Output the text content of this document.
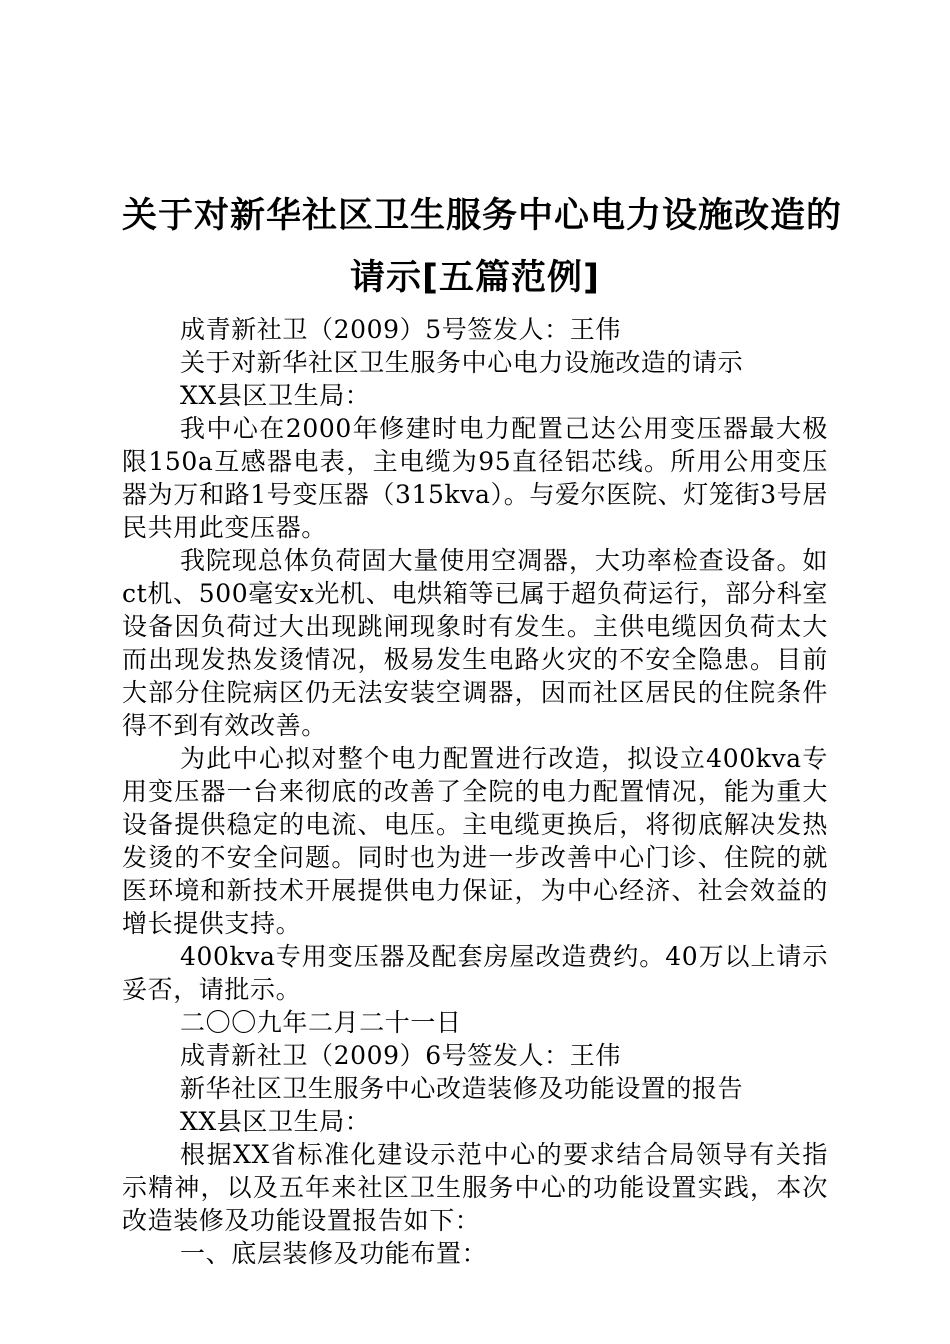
关于对新华社区卫生服务中心电力设施改造的
请示[五篇范例]

成青新社卫（2009）5号签发人：王伟

关于对新华社区卫生服务中心电力设施改造的请示

XX县区卫生局：

我中心在2000年修建时电力配置己达公用变压器最大极限150a互感器电表，主电缆为95直径铝芯线。所用公用变压器为万和路1号变压器（315kva）。与爱尔医院、灯笼街3号居民共用此变压器。

我院现总体负荷固大量使用空凋器，大功率检查设备。如ct机、500毫安x光机、电烘箱等已属于超负荷运行，部分科室设备因负荷过大出现跳闸现象时有发生。主供电缆因负荷太大而出现发热发烫情况，极易发生电路火灾的不安全隐患。目前大部分住院病区仍无法安装空调器，因而社区居民的住院条件得不到有效改善。

为此中心拟对整个电力配置进行改造，拟设立400kva专用变压器一台来彻底的改善了全院的电力配置情况，能为重大设备提供稳定的电流、电压。主电缆更换后，将彻底解决发热发烫的不安全问题。同时也为进一步改善中心门诊、住院的就医环境和新技术开展提供电力保证，为中心经济、社会效益的增长提供支持。

400kva专用变压器及配套房屋改造费约。40万以上请示妥否，请批示。

二〇〇九年二月二十一日

成青新社卫（2009）6号签发人：王伟

新华社区卫生服务中心改造装修及功能设置的报告

XX县区卫生局：

根据XX省标准化建设示范中心的要求结合局领导有关指示精神，以及五年来社区卫生服务中心的功能设置实践，本次改造装修及功能设置报告如下：

一、底层装修及功能布置：
